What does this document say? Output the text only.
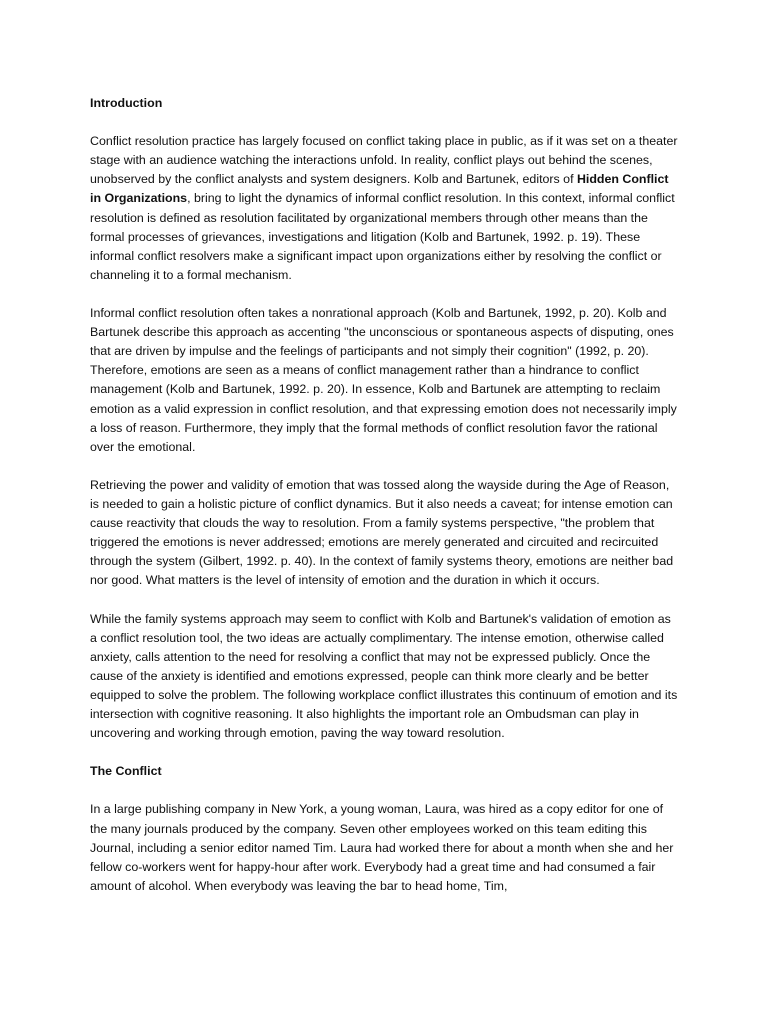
Introduction

Conflict resolution practice has largely focused on conflict taking place in public, as if it was set on a theater stage with an audience watching the interactions unfold. In reality, conflict plays out behind the scenes, unobserved by the conflict analysts and system designers. Kolb and Bartunek, editors of Hidden Conflict in Organizations, bring to light the dynamics of informal conflict resolution. In this context, informal conflict resolution is defined as resolution facilitated by organizational members through other means than the formal processes of grievances, investigations and litigation (Kolb and Bartunek, 1992. p. 19). These informal conflict resolvers make a significant impact upon organizations either by resolving the conflict or channeling it to a formal mechanism.

Informal conflict resolution often takes a nonrational approach (Kolb and Bartunek, 1992, p. 20). Kolb and Bartunek describe this approach as accenting "the unconscious or spontaneous aspects of disputing, ones that are driven by impulse and the feelings of participants and not simply their cognition" (1992, p. 20). Therefore, emotions are seen as a means of conflict management rather than a hindrance to conflict management (Kolb and Bartunek, 1992. p. 20). In essence, Kolb and Bartunek are attempting to reclaim emotion as a valid expression in conflict resolution, and that expressing emotion does not necessarily imply a loss of reason. Furthermore, they imply that the formal methods of conflict resolution favor the rational over the emotional.

Retrieving the power and validity of emotion that was tossed along the wayside during the Age of Reason, is needed to gain a holistic picture of conflict dynamics. But it also needs a caveat; for intense emotion can cause reactivity that clouds the way to resolution. From a family systems perspective, "the problem that triggered the emotions is never addressed; emotions are merely generated and circuited and recircuited through the system (Gilbert, 1992. p. 40). In the context of family systems theory, emotions are neither bad nor good. What matters is the level of intensity of emotion and the duration in which it occurs.

While the family systems approach may seem to conflict with Kolb and Bartunek's validation of emotion as a conflict resolution tool, the two ideas are actually complimentary. The intense emotion, otherwise called anxiety, calls attention to the need for resolving a conflict that may not be expressed publicly. Once the cause of the anxiety is identified and emotions expressed, people can think more clearly and be better equipped to solve the problem. The following workplace conflict illustrates this continuum of emotion and its intersection with cognitive reasoning. It also highlights the important role an Ombudsman can play in uncovering and working through emotion, paving the way toward resolution.

The Conflict

In a large publishing company in New York, a young woman, Laura, was hired as a copy editor for one of the many journals produced by the company. Seven other employees worked on this team editing this Journal, including a senior editor named Tim. Laura had worked there for about a month when she and her fellow co-workers went for happy-hour after work. Everybody had a great time and had consumed a fair amount of alcohol. When everybody was leaving the bar to head home, Tim,
